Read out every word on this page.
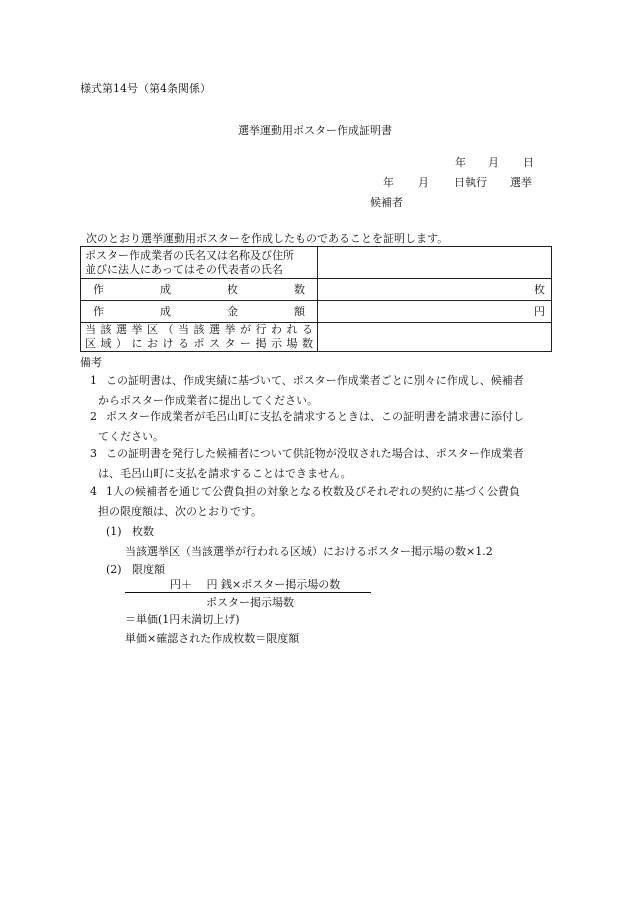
様式第14号（第4条関係）
選挙運動用ポスター作成証明書
年 月 日
年 月 日執行 選挙
候補者
次のとおり選挙運動用ポスターを作成したものであることを証明します。
ポスター作成業者の氏名又は名称及び住所
並びに法人にあってはその代表者の氏名	

作 成 枚 数	枚

作 成 金 額	円

当該選挙区（当該選挙が行われる
区域）におけるポスター掲示場数	

備考
1 この証明書は、作成実績に基づいて、ポスター作成業者ごとに別々に作成し、候補者
からポスター作成業者に提出してください。
2 ポスター作成業者が毛呂山町に支払を請求するときは、この証明書を請求書に添付し
てください。
3 この証明書を発行した候補者について供託物が没収された場合は、ポスター作成業者
は、毛呂山町に支払を請求することはできません。
4 1人の候補者を通じて公費負担の対象となる枚数及びそれぞれの契約に基づく公費負
担の限度額は、次のとおりです。
(1) 枚数
当該選挙区（当該選挙が行われる区域）におけるポスター掲示場の数×1.2
(2) 限度額
円＋　 円 銭×ポスター掲示場の数
ポスター掲示場数
＝単価(1円未満切上げ)
単価×確認された作成枚数＝限度額
